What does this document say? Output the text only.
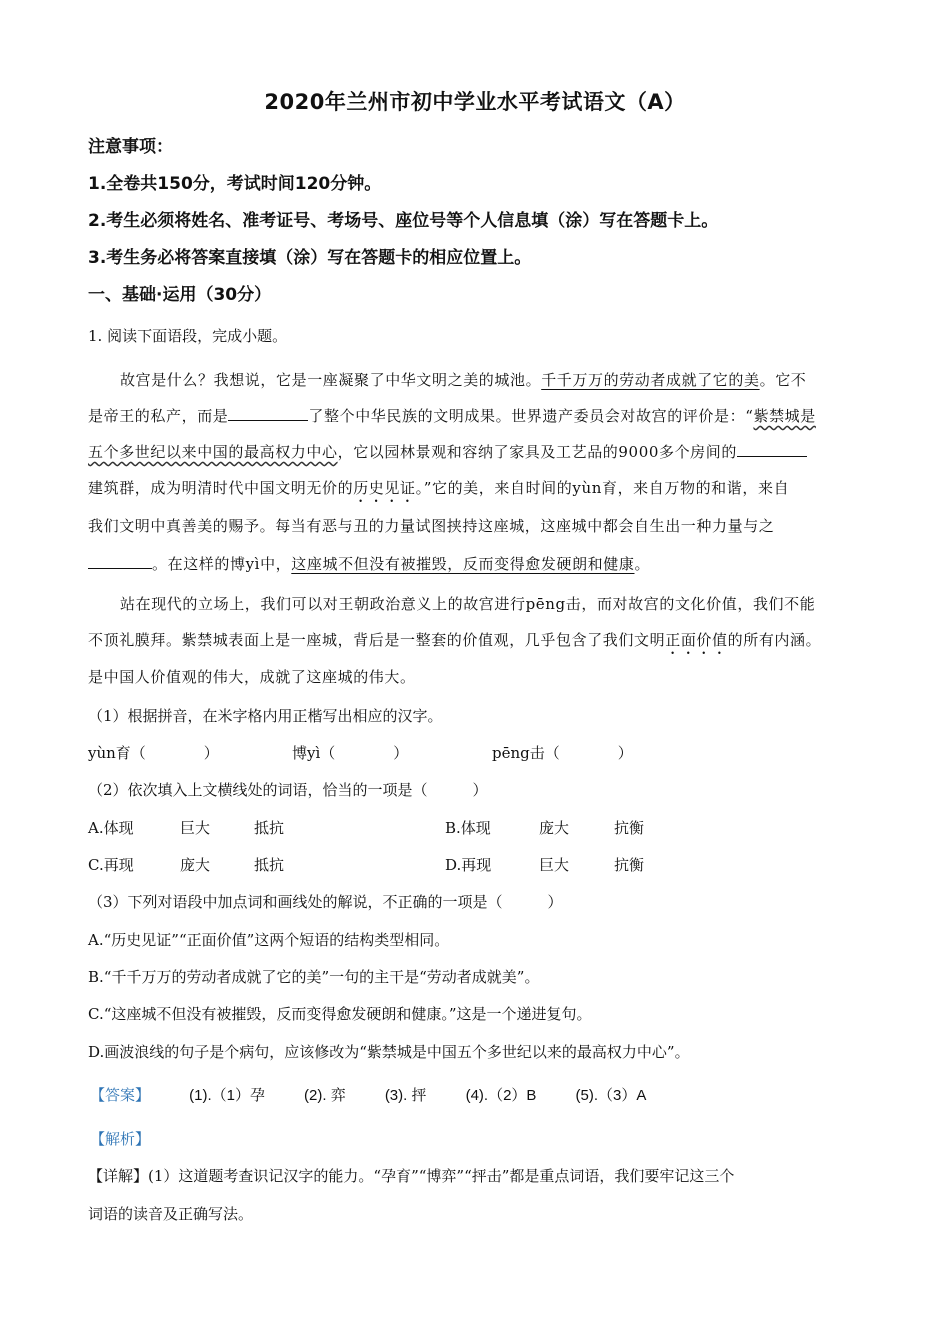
2020年兰州市初中学业水平考试语文（A）
注意事项：
1.全卷共150分，考试时间120分钟。
2.考生必须将姓名、准考证号、考场号、座位号等个人信息填（涂）写在答题卡上。
3.考生务必将答案直接填（涂）写在答题卡的相应位置上。
一、基础·运用（30分）
1. 阅读下面语段，完成小题。
故宫是什么？我想说，它是一座凝聚了中华文明之美的城池。千千万万的劳动者成就了它的美。它不
是帝王的私产，而是	了整个中华民族的文明成果。世界遗产委员会对故宫的评价是：“紫禁城是
五个多世纪以来中国的最高权力中心，它以园林景观和容纳了家具及工艺品的9000多个房间的
建筑群，成为明清时代中国文明无价的历史见证。”它的美，来自时间的yùn育，来自万物的和谐，来自
我们文明中真善美的赐予。每当有恶与丑的力量试图挟持这座城，这座城中都会自生出一种力量与之
。在这样的博yì中，这座城不但没有被摧毁，反而变得愈发硬朗和健康。
站在现代的立场上，我们可以对王朝政治意义上的故宫进行pēng击，而对故宫的文化价值，我们不能
不顶礼膜拜。紫禁城表面上是一座城，背后是一整套的价值观，几乎包含了我们文明正面价值的所有内涵。
是中国人价值观的伟大，成就了这座城的伟大。
（1）根据拼音，在米字格内用正楷写出相应的汉字。
yùn育（	）	博yì（	）	pēng击（	）
（2）依次填入上文横线处的词语，恰当的一项是（　　　）
A.体现	巨大	抵抗	B.体现	庞大	抗衡
C.再现	庞大	抵抗	D.再现	巨大	抗衡
（3）下列对语段中加点词和画线处的解说，不正确的一项是（　　　）
A.“历史见证”“正面价值”这两个短语的结构类型相同。
B.“千千万万的劳动者成就了它的美”一句的主干是“劳动者成就美”。
C.“这座城不但没有被摧毁，反而变得愈发硬朗和健康。”这是一个递进复句。
D.画波浪线的句子是个病句，应该修改为“紫禁城是中国五个多世纪以来的最高权力中心”。
【答案】	(1).（1）孕	(2). 弈	(3). 抨	(4).（2）B	(5).（3）A
【解析】
【详解】(1）这道题考查识记汉字的能力。“孕育”“博弈”“抨击”都是重点词语，我们要牢记这三个
词语的读音及正确写法。
